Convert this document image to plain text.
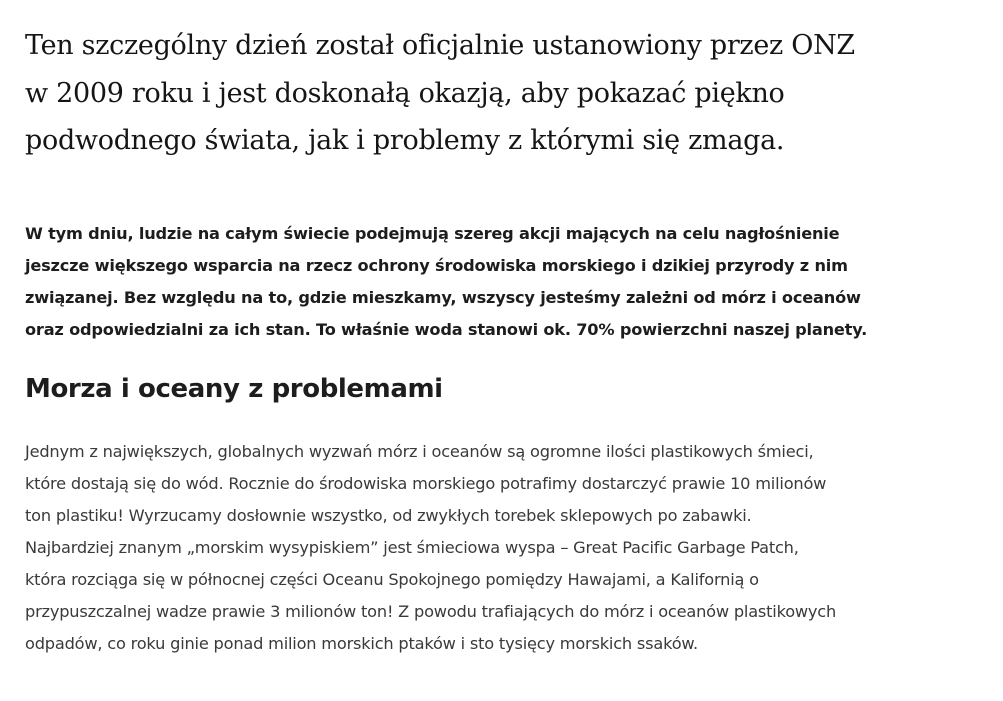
Ten szczególny dzień został oficjalnie ustanowiony przez ONZ
w 2009 roku i jest doskonałą okazją, aby pokazać piękno
podwodnego świata, jak i problemy z którymi się zmaga.

W tym dniu, ludzie na całym świecie podejmują szereg akcji mających na celu nagłośnienie
jeszcze większego wsparcia na rzecz ochrony środowiska morskiego i dzikiej przyrody z nim
związanej. Bez względu na to, gdzie mieszkamy, wszyscy jesteśmy zależni od mórz i oceanów
oraz odpowiedzialni za ich stan. To właśnie woda stanowi ok. 70% powierzchni naszej planety.

Morza i oceany z problemami

Jednym z największych, globalnych wyzwań mórz i oceanów są ogromne ilości plastikowych śmieci,
które dostają się do wód. Rocznie do środowiska morskiego potrafimy dostarczyć prawie 10 milionów
ton plastiku! Wyrzucamy dosłownie wszystko, od zwykłych torebek sklepowych po zabawki.
Najbardziej znanym „morskim wysypiskiem” jest śmieciowa wyspa – Great Pacific Garbage Patch,
która rozciąga się w północnej części Oceanu Spokojnego pomiędzy Hawajami, a Kalifornią o
przypuszczalnej wadze prawie 3 milionów ton! Z powodu trafiających do mórz i oceanów plastikowych
odpadów, co roku ginie ponad milion morskich ptaków i sto tysięcy morskich ssaków.
